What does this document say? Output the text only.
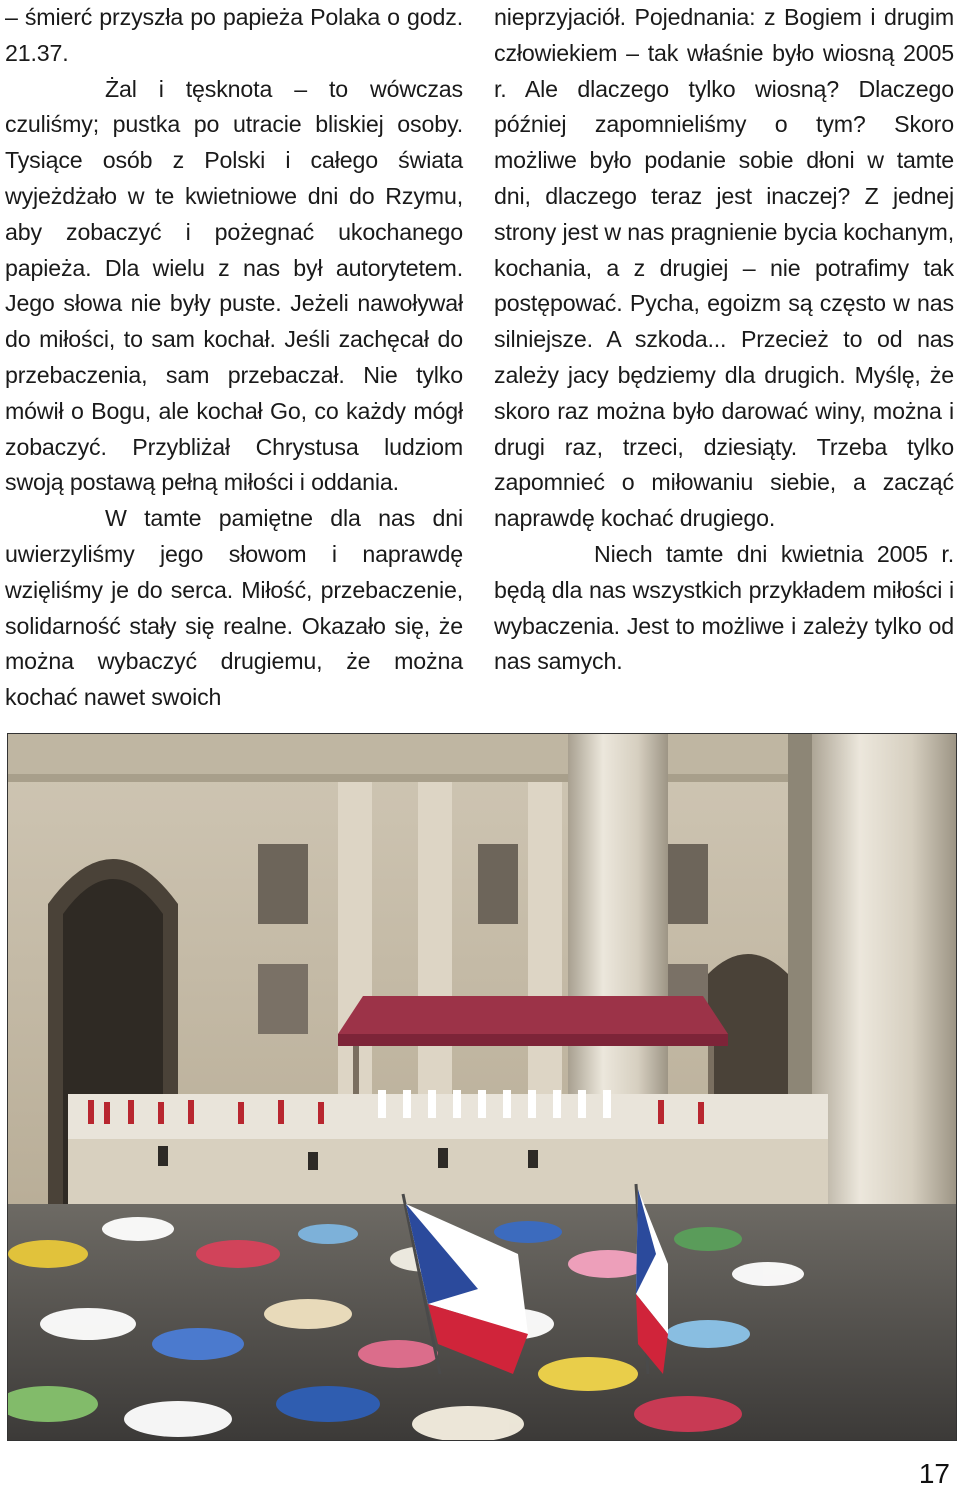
– śmierć przyszła po papieża Polaka o godz. 21.37.

Żal i tęsknota – to wówczas czuliśmy; pustka po utracie bliskiej osoby. Tysiące osób z Polski i całego świata wyjeżdżało w te kwietniowe dni do Rzymu, aby zobaczyć i pożegnać ukochanego papieża. Dla wielu z nas był autorytetem. Jego słowa nie były puste. Jeżeli nawoływał do miłości, to sam kochał. Jeśli zachęcał do przebaczenia, sam przebaczał. Nie tylko mówił o Bogu, ale kochał Go, co każdy mógł zobaczyć. Przybliżał Chrystusa ludziom swoją postawą pełną miłości i oddania.

W tamte pamiętne dla nas dni uwierzyliśmy jego słowom i naprawdę wzięliśmy je do serca. Miłość, przebaczenie, solidarność stały się realne. Okazało się, że można wybaczyć drugiemu, że można kochać nawet swoich

nieprzyjaciół. Pojednania: z Bogiem i drugim człowiekiem – tak właśnie było wiosną 2005 r. Ale dlaczego tylko wiosną? Dlaczego później zapomnieliśmy o tym? Skoro możliwe było podanie sobie dłoni w tamte dni, dlaczego teraz jest inaczej? Z jednej strony jest w nas pragnienie bycia kochanym, kochania, a z drugiej – nie potrafimy tak postępować. Pycha, egoizm są często w nas silniejsze. A szkoda... Przecież to od nas zależy jacy będziemy dla drugich. Myślę, że skoro raz można było darować winy, można i drugi raz, trzeci, dziesiąty. Trzeba tylko zapomnieć o miłowaniu siebie, a zacząć naprawdę kochać drugiego.

Niech tamte dni kwietnia 2005 r. będą dla nas wszystkich przykładem miłości i wybaczenia. Jest to możliwe i zależy tylko od nas samych.

17
